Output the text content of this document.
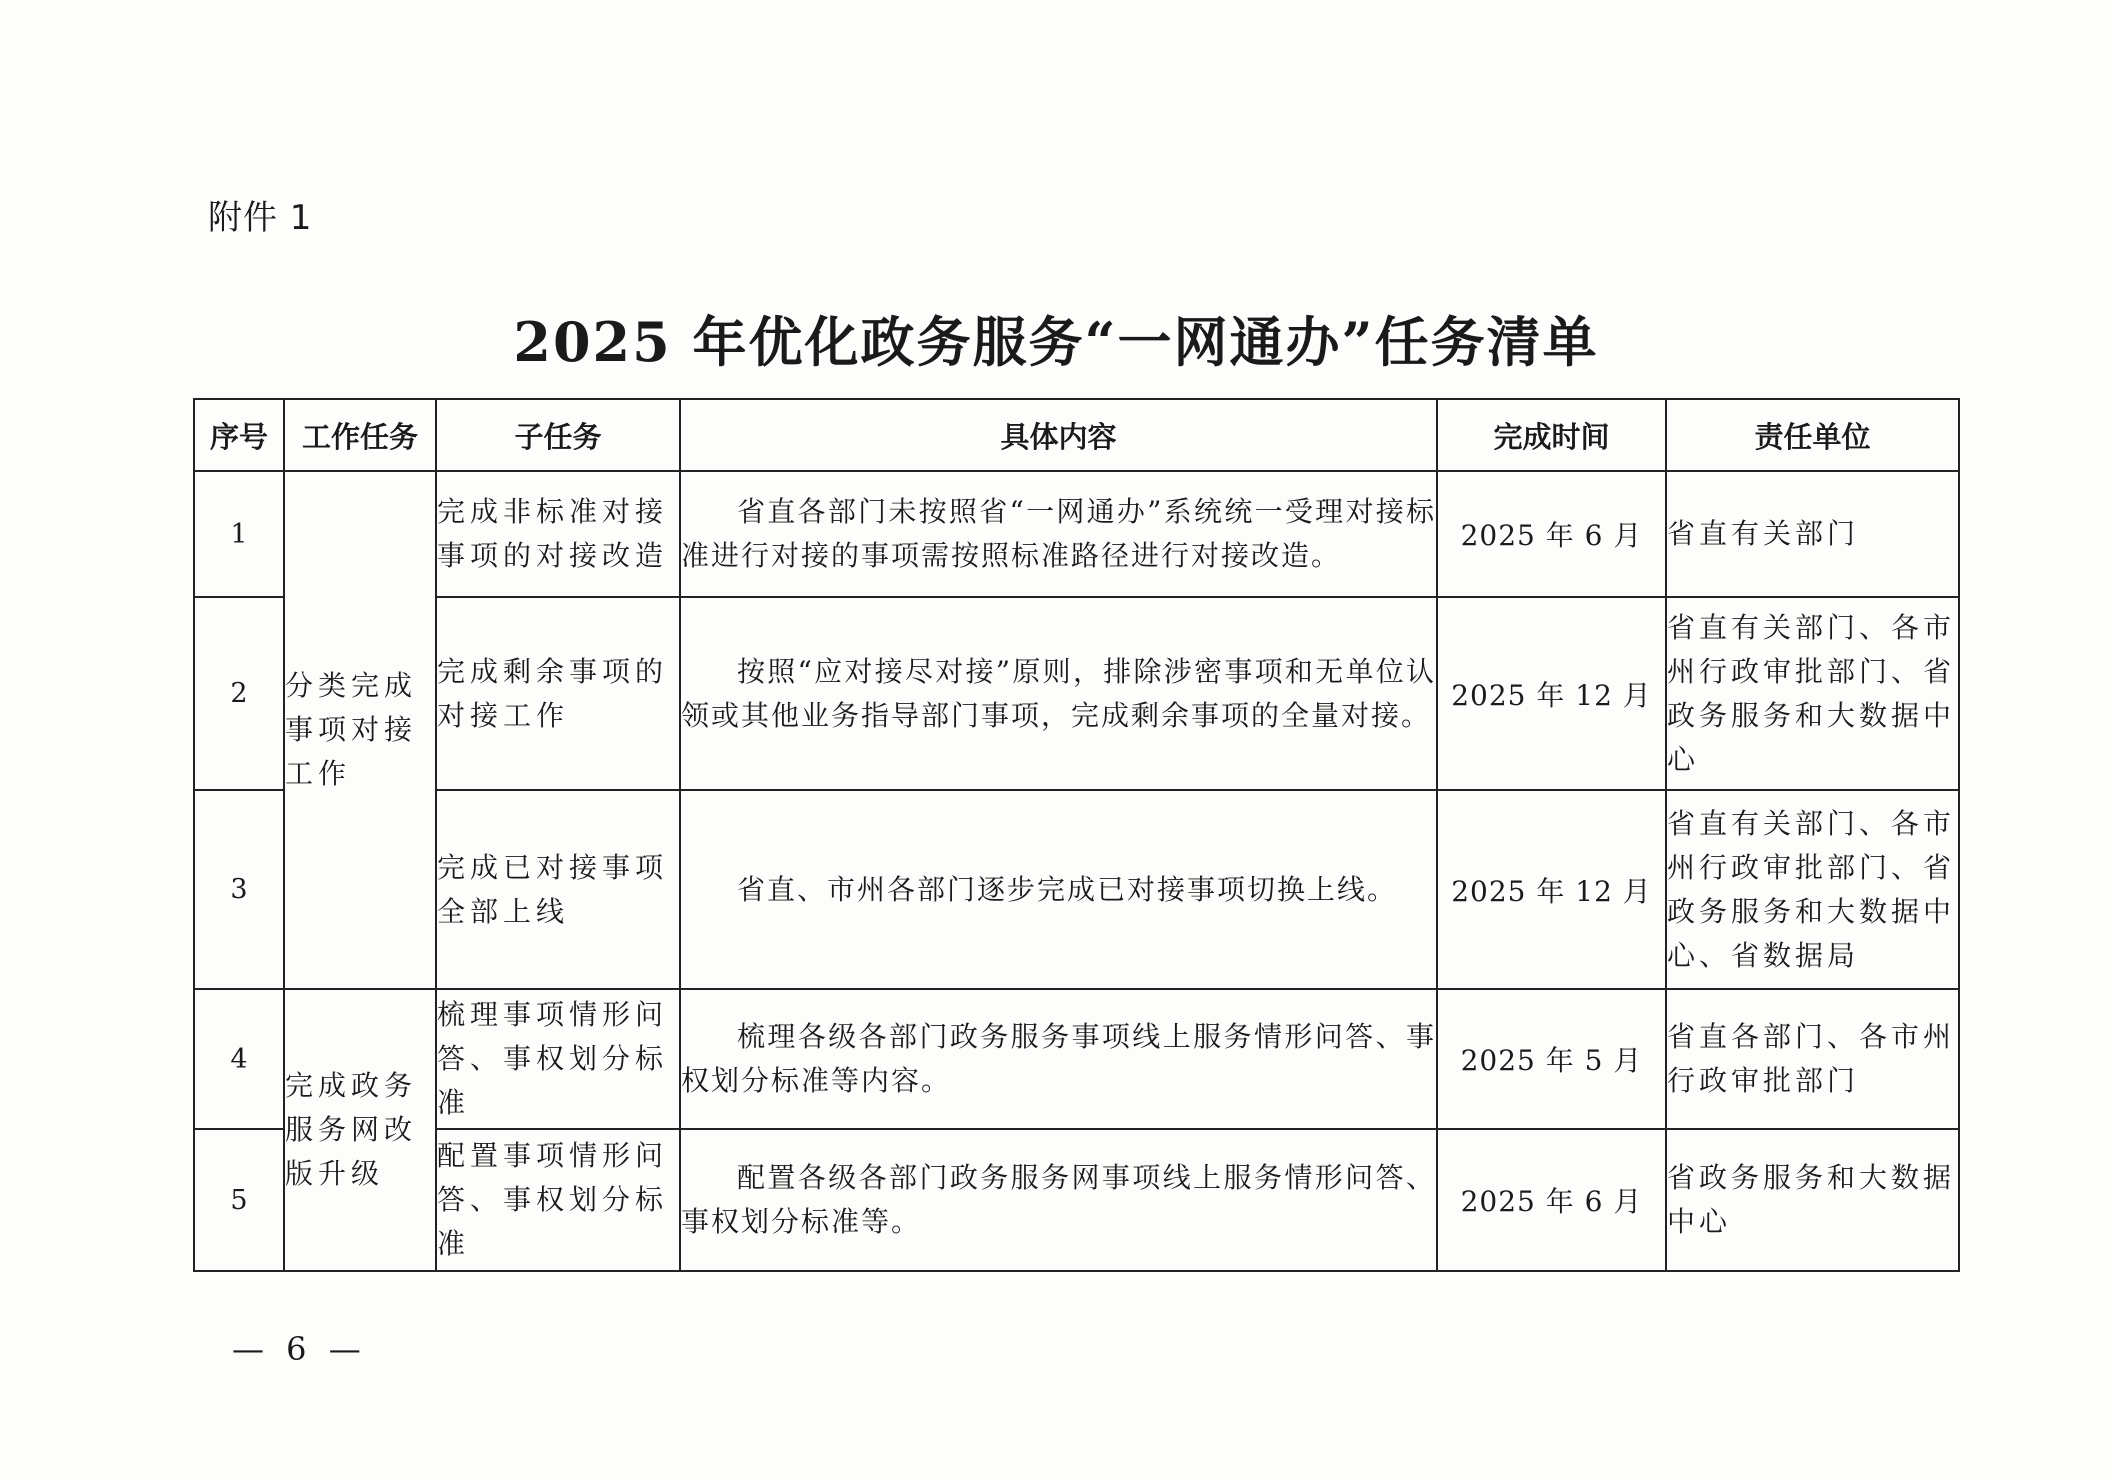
附件 1
2025 年优化政务服务“一网通办”任务清单
序号	工作任务	子任务	具体内容	完成时间	责任单位
1	分类完成事项对接工作	完成非标准对接事项的对接改造	省直各部门未按照省“一网通办”系统统一受理对接标准进行对接的事项需按照标准路径进行对接改造。	2025 年 6 月	省直有关部门
2		完成剩余事项的对接工作	按照“应对接尽对接”原则，排除涉密事项和无单位认领或其他业务指导部门事项，完成剩余事项的全量对接。	2025 年 12 月	省直有关部门、各市州行政审批部门、省政务服务和大数据中心
3		完成已对接事项全部上线	省直、市州各部门逐步完成已对接事项切换上线。	2025 年 12 月	省直有关部门、各市州行政审批部门、省政务服务和大数据中心、省数据局
4	完成政务服务网改版升级	梳理事项情形问答、事权划分标准	梳理各级各部门政务服务事项线上服务情形问答、事权划分标准等内容。	2025 年 5 月	省直各部门、各市州行政审批部门
5		配置事项情形问答、事权划分标准	配置各级各部门政务服务网事项线上服务情形问答、事权划分标准等。	2025 年 6 月	省政务服务和大数据中心
— 6 —
